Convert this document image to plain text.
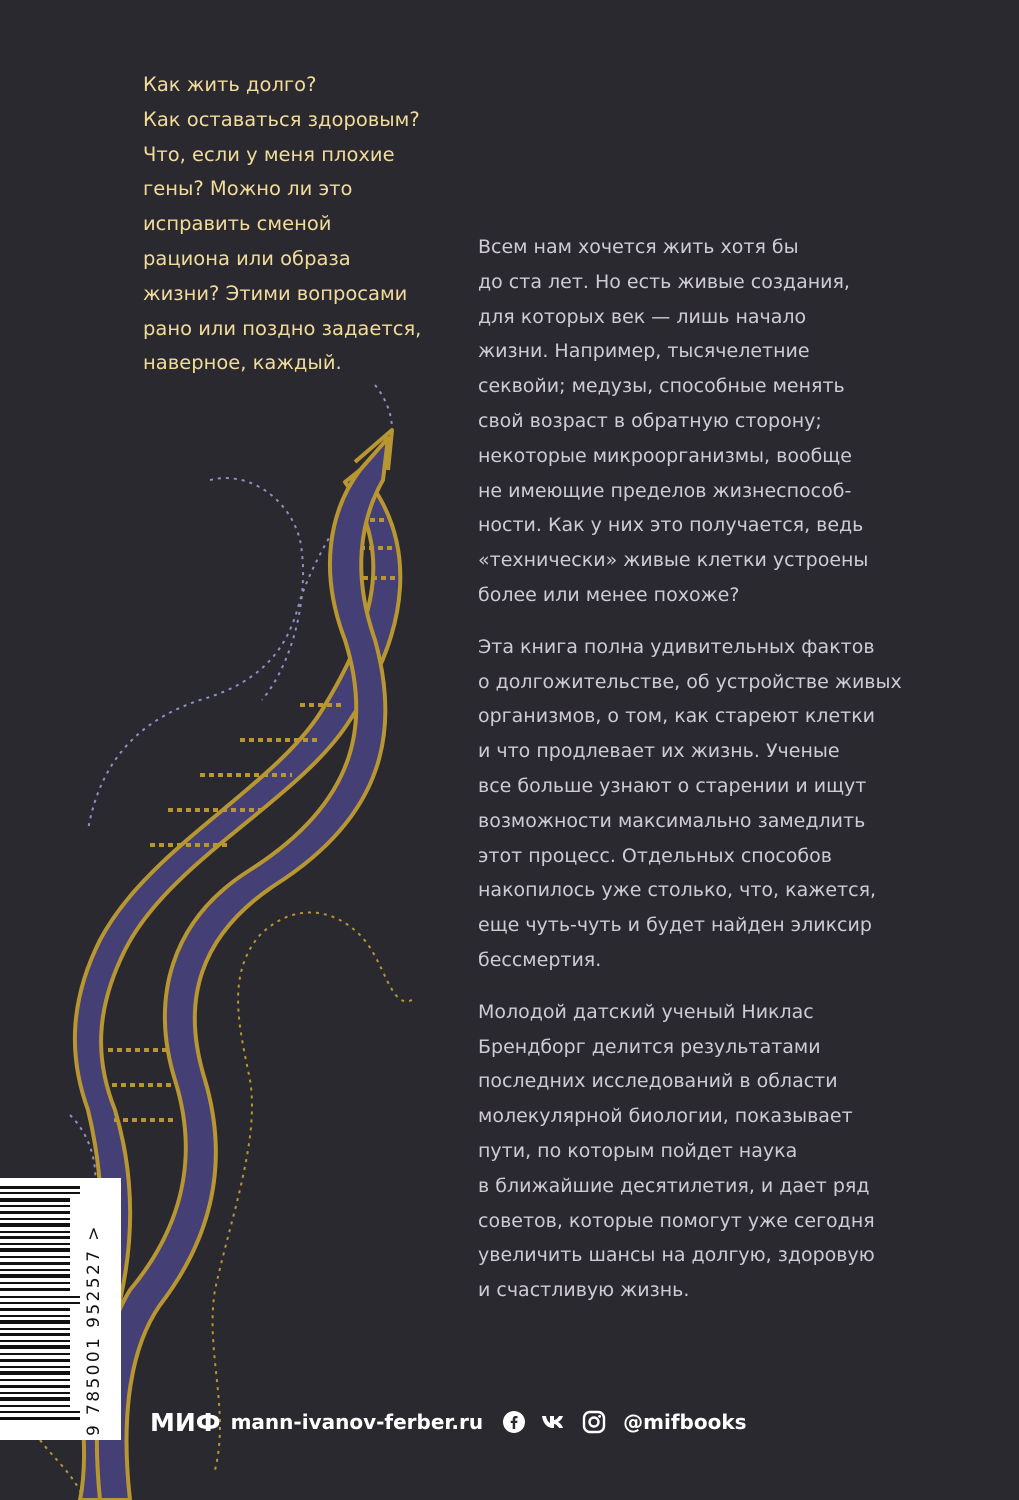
Как жить долго?
Как оставаться здоровым?
Что, если у меня плохие
гены? Можно ли это
исправить сменой
рациона или образа
жизни? Этими вопросами
рано или поздно задается,
наверное, каждый.

Всем нам хочется жить хотя бы
до ста лет. Но есть живые создания,
для которых век — лишь начало
жизни. Например, тысячелетние
секвойи; медузы, способные менять
свой возраст в обратную сторону;
некоторые микроорганизмы, вообще
не имеющие пределов жизнеспособ-
ности. Как у них это получается, ведь
«технически» живые клетки устроены
более или менее похоже?

Эта книга полна удивительных фактов
о долгожительстве, об устройстве живых
организмов, о том, как стареют клетки
и что продлевает их жизнь. Ученые
все больше узнают о старении и ищут
возможности максимально замедлить
этот процесс. Отдельных способов
накопилось уже столько, что, кажется,
еще чуть-чуть и будет найден эликсир
бессмертия.

Молодой датский ученый Никлас
Брендборг делится результатами
последних исследований в области
молекулярной биологии, показывает
пути, по которым пойдет наука
в ближайшие десятилетия, и дает ряд
советов, которые помогут уже сегодня
увеличить шансы на долгую, здоровую
и счастливую жизнь.

9 785001 952527 >	МИФ mann-ivanov-ferber.ru	@mifbooks
